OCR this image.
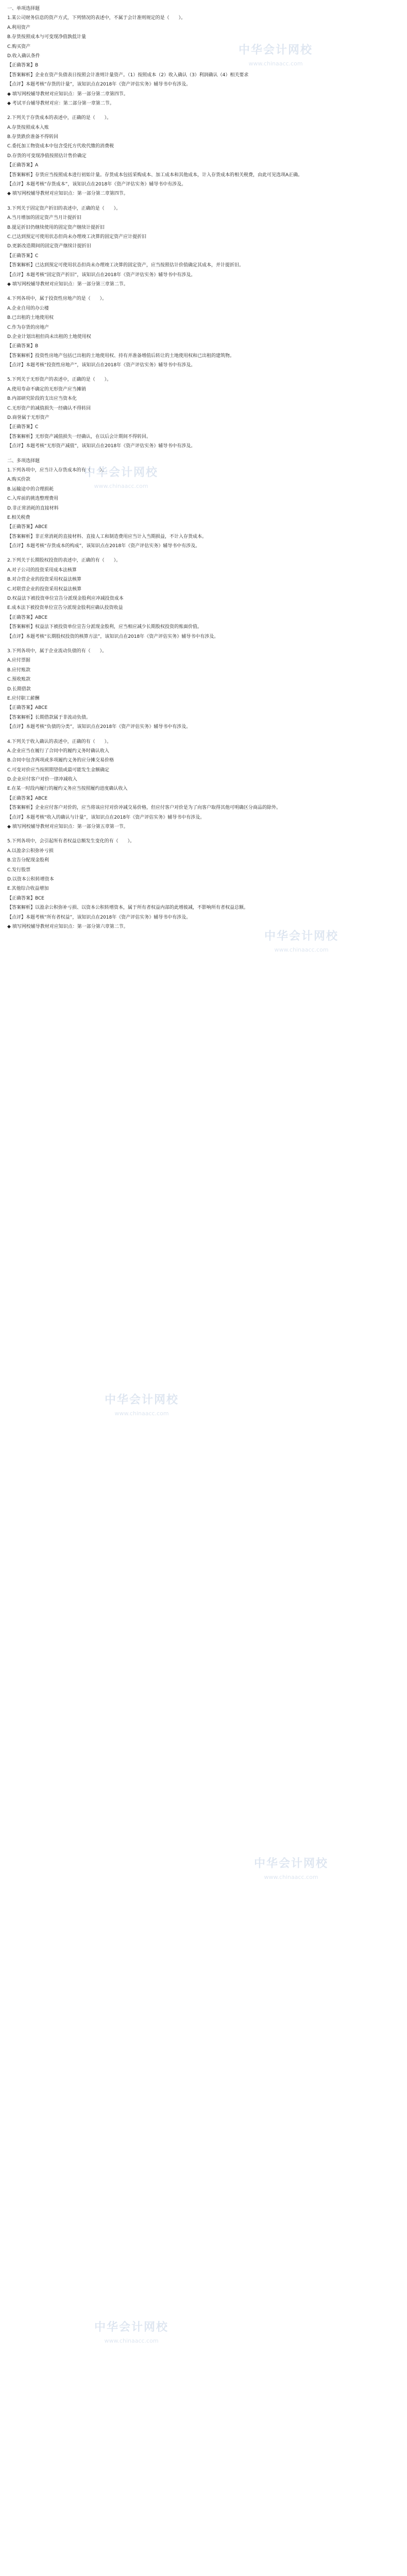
一、单项选择题

1.某公司财务信息的资产方式，下列情况的表述中，不属于会计准则规定的是（　　）。

A.利用资产

B.存货按照成本与可变现净值孰低计量

C.购买资产

D.收入确认条件

【正确答案】B

【答案解析】企业在资产负债表日按照会计准则计量资产。（1）按照成本（2）收入确认（3）利润确认（4）相关要求

【点评】本题考核“存货的计量”，该知识点在2018年《资产评估实务》辅导书中有涉及。

◆ 填写网校辅导教材对应知识点：第一部分第二章第四节。

◆ 考试平台辅导教材对应：第二部分第一章第二节。

2.下列关于存货成本的表述中，正确的是（　　）。

A.存货按照成本入账

B.存货跌价准备不得转回

C.委托加工物资成本中包含受托方代收代缴的消费税

D.存货的可变现净值按照估计售价确定

【正确答案】A

【答案解析】存货应当按照成本进行初始计量。存货成本包括采购成本、加工成本和其他成本，计入存货成本的相关税费，由此可见选项A正确。

【点评】本题考核“存货成本”，该知识点在2018年《资产评估实务》辅导书中有涉及。

◆ 填写网校辅导教材对应知识点：第一部分第二章第四节。

3.下列关于固定资产折旧的表述中，正确的是（　　）。

A.当月增加的固定资产当月计提折旧

B.提足折旧仍继续使用的固定资产继续计提折旧

C.已达到预定可使用状态但尚未办理竣工决算的固定资产应计提折旧

D.更新改造期间的固定资产继续计提折旧

【正确答案】C

【答案解析】已达到预定可使用状态但尚未办理竣工决算的固定资产，应当按照估计价值确定其成本，并计提折旧。

【点评】本题考核“固定资产折旧”，该知识点在2018年《资产评估实务》辅导书中有涉及。

◆ 填写网校辅导教材对应知识点：第一部分第三章第二节。

4.下列各项中，属于投资性房地产的是（　　）。

A.企业自用的办公楼

B.已出租的土地使用权

C.作为存货的房地产

D.企业计划出租但尚未出租的土地使用权

【正确答案】B

【答案解析】投资性房地产包括已出租的土地使用权、持有并准备增值后转让的土地使用权和已出租的建筑物。

【点评】本题考核“投资性房地产”，该知识点在2018年《资产评估实务》辅导书中有涉及。

5.下列关于无形资产的表述中，正确的是（　　）。

A.使用寿命不确定的无形资产应当摊销

B.内部研究阶段的支出应当资本化

C.无形资产的减值损失一经确认不得转回

D.商誉属于无形资产

【正确答案】C

【答案解析】无形资产减值损失一经确认，在以后会计期间不得转回。

【点评】本题考核“无形资产减值”，该知识点在2018年《资产评估实务》辅导书中有涉及。

二、多项选择题

1.下列各项中，应当计入存货成本的有（　　）。

A.购买价款

B.运输途中的合理损耗

C.入库前的挑选整理费用

D.非正常消耗的直接材料

E.相关税费

【正确答案】ABCE

【答案解析】非正常消耗的直接材料、直接人工和制造费用应当计入当期损益，不计入存货成本。

【点评】本题考核“存货成本的构成”，该知识点在2018年《资产评估实务》辅导书中有涉及。

2.下列关于长期股权投资的表述中，正确的有（　　）。

A.对子公司的投资采用成本法核算

B.对合营企业的投资采用权益法核算

C.对联营企业的投资采用权益法核算

D.权益法下被投资单位宣告分派现金股利应冲减投资成本

E.成本法下被投资单位宣告分派现金股利应确认投资收益

【正确答案】ABCE

【答案解析】权益法下被投资单位宣告分派现金股利，应当相应减少长期股权投资的账面价值。

【点评】本题考核“长期股权投资的核算方法”，该知识点在2018年《资产评估实务》辅导书中有涉及。

3.下列各项中，属于企业流动负债的有（　　）。

A.应付票据

B.应付账款

C.预收账款

D.长期借款

E.应付职工薪酬

【正确答案】ABCE

【答案解析】长期借款属于非流动负债。

【点评】本题考核“负债的分类”，该知识点在2018年《资产评估实务》辅导书中有涉及。

4.下列关于收入确认的表述中，正确的有（　　）。

A.企业应当在履行了合同中的履约义务时确认收入

B.合同中包含两项或多项履约义务的应分摊交易价格

C.可变对价应当按照期望值或最可能发生金额确定

D.企业应付客户对价一律冲减收入

E.在某一时段内履行的履约义务应当按照履约进度确认收入

【正确答案】ABCE

【答案解析】企业应付客户对价的，应当将该应付对价冲减交易价格，但应付客户对价是为了向客户取得其他可明确区分商品的除外。

【点评】本题考核“收入的确认与计量”，该知识点在2018年《资产评估实务》辅导书中有涉及。

◆ 填写网校辅导教材对应知识点：第一部分第五章第一节。

5.下列各项中，会引起所有者权益总额发生变化的有（　　）。

A.以盈余公积弥补亏损

B.宣告分配现金股利

C.发行股票

D.以资本公积转增资本

E.其他综合收益增加

【正确答案】BCE

【答案解析】以盈余公积弥补亏损、以资本公积转增资本，属于所有者权益内部的此增彼减，不影响所有者权益总额。

【点评】本题考核“所有者权益”，该知识点在2018年《资产评估实务》辅导书中有涉及。

◆ 填写网校辅导教材对应知识点：第一部分第六章第二节。

中华会计网校
www.chinaacc.com
中华会计网校
www.chinaacc.com
中华会计网校
www.chinaacc.com
中华会计网校
www.chinaacc.com
中华会计网校
www.chinaacc.com
中华会计网校
www.chinaacc.com
